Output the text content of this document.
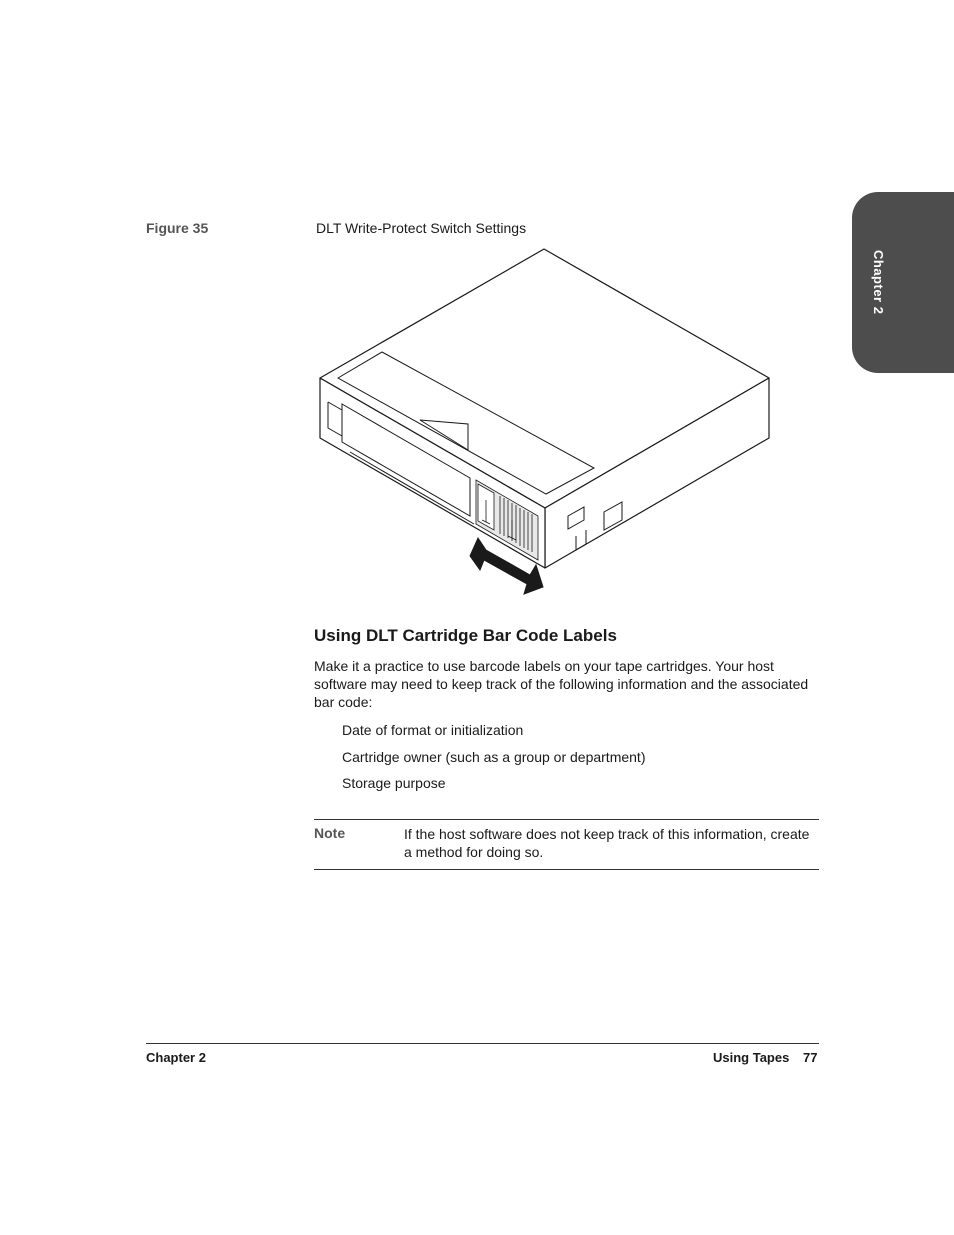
Chapter 2
Figure 35	DLT Write-Protect Switch Settings
Using DLT Cartridge Bar Code Labels

Make it a practice to use barcode labels on your tape cartridges. Your host software may need to keep track of the following information and the associated bar code:

Date of format or initialization
Cartridge owner (such as a group or department)
Storage purpose
Note	If the host software does not keep track of this information, create a method for doing so.

Chapter 2	Using Tapes 77
